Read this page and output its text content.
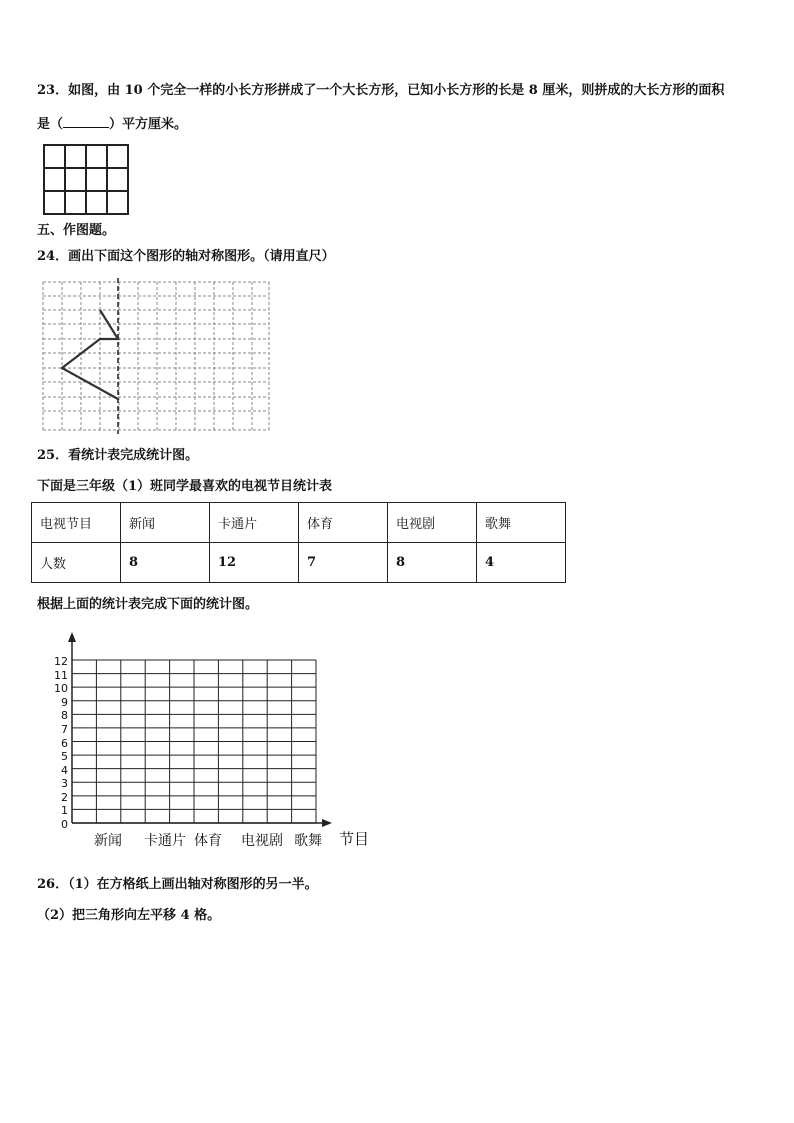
23．如图，由 10 个完全一样的小长方形拼成了一个大长方形，已知小长方形的长是 8 厘米，则拼成的大长方形的面积
是（	）平方厘米。
五、作图题。
24．画出下面这个图形的轴对称图形。（请用直尺）
25．看统计表完成统计图。
下面是三年级（1）班同学最喜欢的电视节目统计表
电视节目	新闻	卡通片	体育	电视剧	歌舞
人数	8	12	7	8	4
根据上面的统计表完成下面的统计图。
0
1
2
3
4
5
6
7
8
9
10
11
12
新闻 卡通片 体育 电视剧 歌舞 节目
26．（1）在方格纸上画出轴对称图形的另一半。
（2）把三角形向左平移 4 格。
